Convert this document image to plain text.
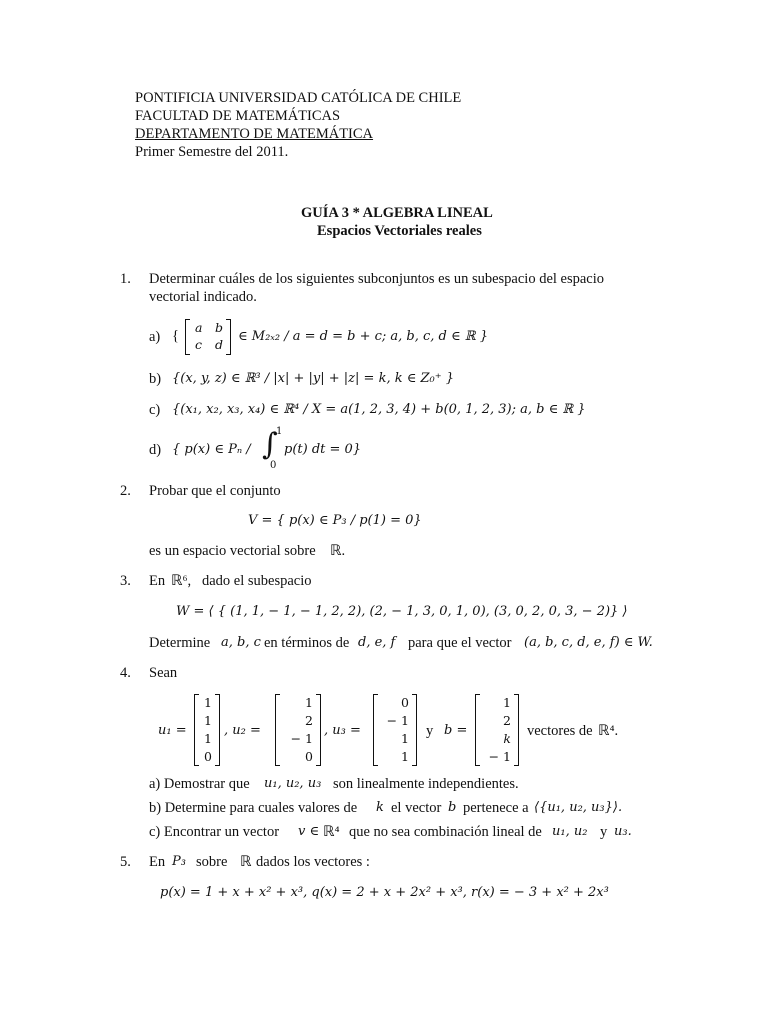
PONTIFICIA UNIVERSIDAD CATÓLICA DE CHILE
FACULTAD DE MATEMÁTICAS
DEPARTAMENTO DE MATEMÁTICA
Primer Semestre del 2011.
GUÍA 3 * ALGEBRA LINEAL
Espacios Vectoriales reales
1. Determinar cuáles de los siguientes subconjuntos es un subespacio del espacio
vectorial indicado.
a) {
a b
c d
∈ M₂ₓ₂ / a = d = b + c; a, b, c, d ∈ ℝ }
b) {(x, y, z) ∈ ℝ³ / |x| + |y| + |z| = k, k ∈ Z₀⁺ }
c) {(x₁, x₂, x₃, x₄) ∈ ℝ⁴ / X = a(1, 2, 3, 4) + b(0, 1, 2, 3); a, b ∈ ℝ }
d) { p(x) ∈ Pₙ / ∫
1
0
p(t) dt = 0}
2. Probar que el conjunto
V = { p(x) ∈ P₃ / p(1) = 0}
es un espacio vectorial sobre ℝ.
3. En ℝ⁶, dado el subespacio
W = ⟨ { (1, 1, − 1, − 1, 2, 2), (2, − 1, 3, 0, 1, 0), (3, 0, 2, 0, 3, − 2)} ⟩
Determine a, b, c en términos de d, e, f para que el vector (a, b, c, d, e, f) ∈ W.
4. Sean
u₁ =
1
1
1
0
, u₂ =
1
2
− 1
0
, u₃ =
0
− 1
1
1
y b =
1
2
k
− 1
vectores de ℝ⁴.
a) Demostrar que u₁, u₂, u₃ son linealmente independientes.
b) Determine para cuales valores de k el vector b pertenece a ⟨{u₁, u₂, u₃}⟩.
c) Encontrar un vector v ∈ ℝ⁴ que no sea combinación lineal de u₁, u₂ y u₃.
5. En P₃ sobre ℝ dados los vectores :
p(x) = 1 + x + x² + x³, q(x) = 2 + x + 2x² + x³, r(x) = − 3 + x² + 2x³
